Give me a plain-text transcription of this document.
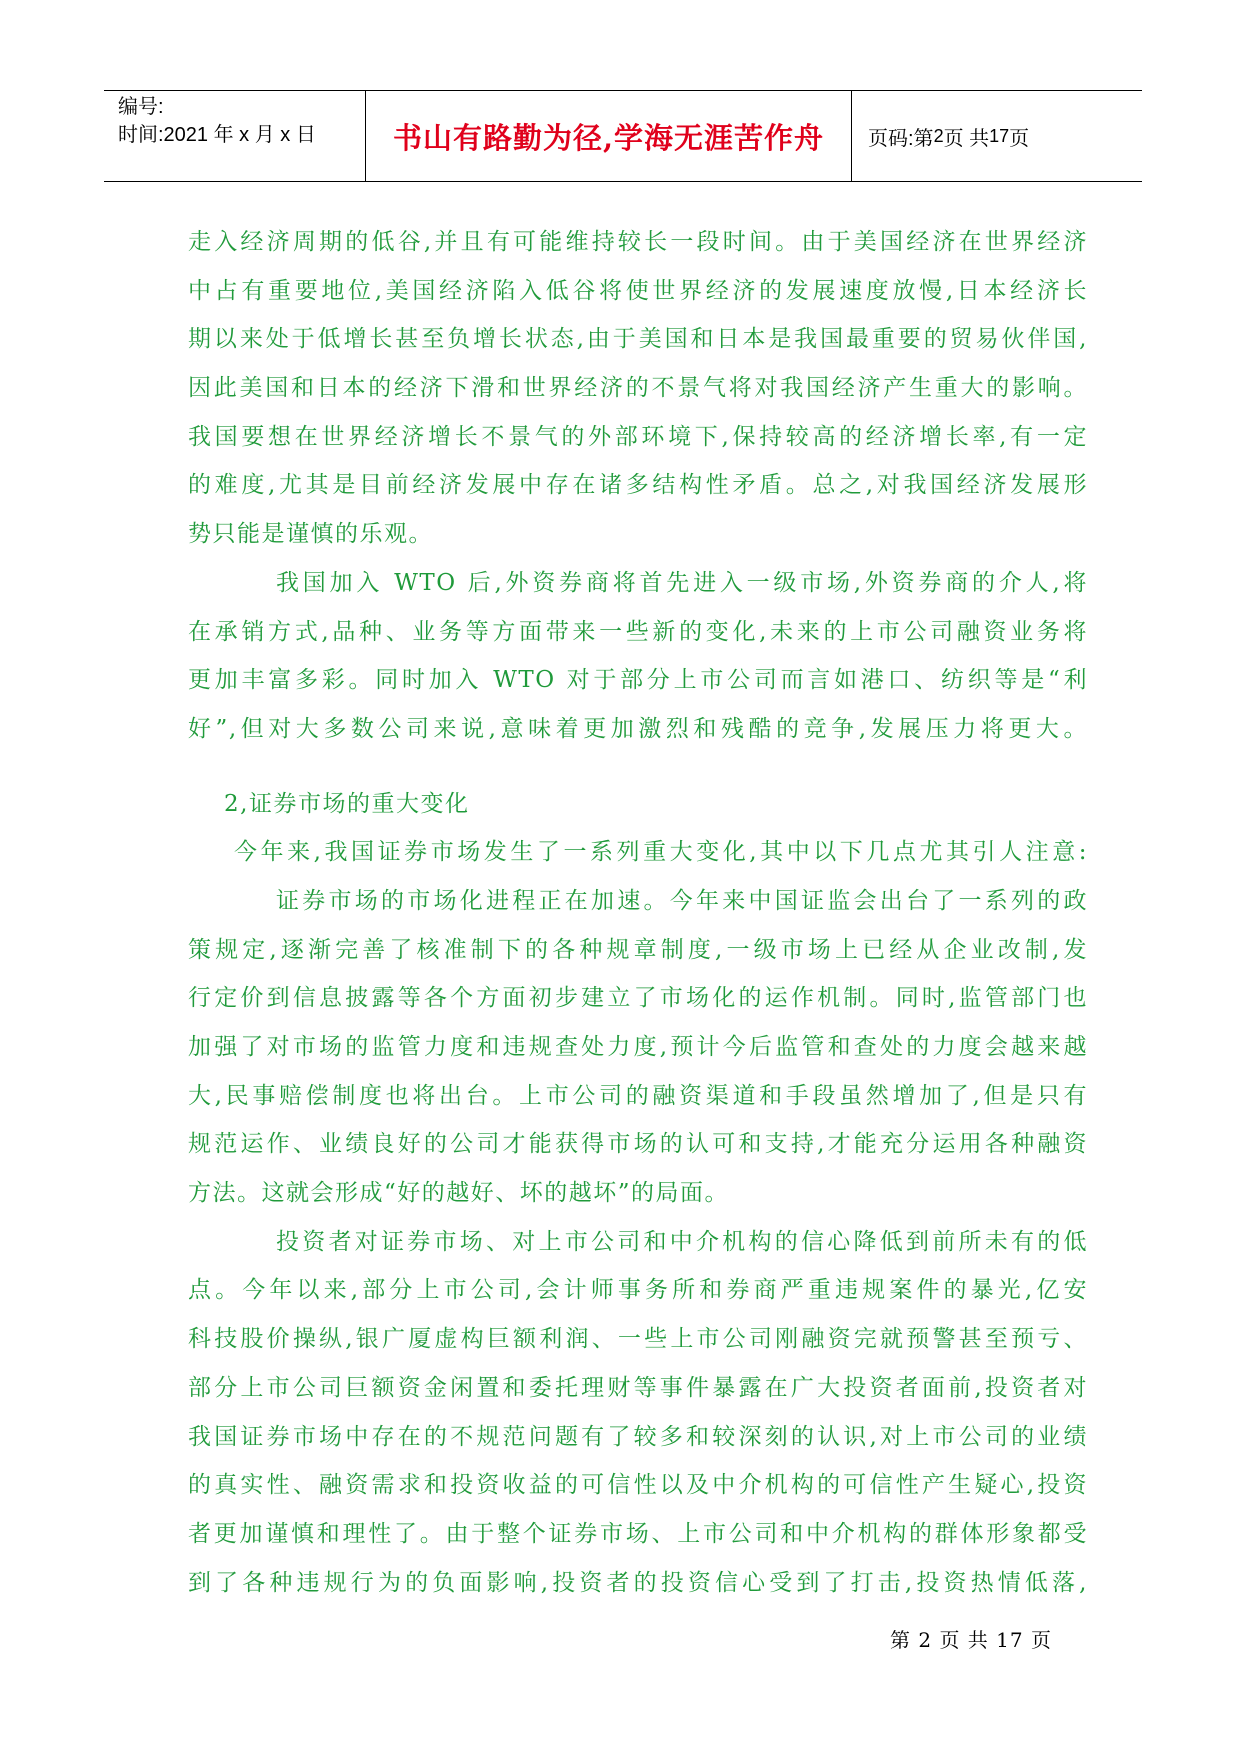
编号:
时间:2021 年 x 月 x 日	书山有路勤为径,学海无涯苦作舟 页码:第 2 页 共 17 页
走入经济周期的低谷,并且有可能维持较长一段时间。由于美国经济在世界经济
中占有重要地位,美国经济陷入低谷将使世界经济的发展速度放慢,日本经济长
期以来处于低增长甚至负增长状态,由于美国和日本是我国最重要的贸易伙伴国,
因此美国和日本的经济下滑和世界经济的不景气将对我国经济产生重大的影响。
我国要想在世界经济增长不景气的外部环境下,保持较高的经济增长率,有一定
的难度,尤其是目前经济发展中存在诸多结构性矛盾。总之,对我国经济发展形
势只能是谨慎的乐观。
我国加入 WTO 后,外资券商将首先进入一级市场,外资券商的介人,将
在承销方式,品种、业务等方面带来一些新的变化,未来的上市公司融资业务将
更加丰富多彩。同时加入 WTO 对于部分上市公司而言如港口、纺织等是“利
好”,但对大多数公司来说,意味着更加激烈和残酷的竞争,发展压力将更大。
2,证券市场的重大变化
今年来,我国证券市场发生了一系列重大变化,其中以下几点尤其引人注意:
证券市场的市场化进程正在加速。今年来中国证监会出台了一系列的政
策规定,逐渐完善了核准制下的各种规章制度,一级市场上已经从企业改制,发
行定价到信息披露等各个方面初步建立了市场化的运作机制。同时,监管部门也
加强了对市场的监管力度和违规查处力度,预计今后监管和查处的力度会越来越
大,民事赔偿制度也将出台。上市公司的融资渠道和手段虽然增加了,但是只有
规范运作、业绩良好的公司才能获得市场的认可和支持,才能充分运用各种融资
方法。这就会形成“好的越好、坏的越坏”的局面。
投资者对证券市场、对上市公司和中介机构的信心降低到前所未有的低
点。今年以来,部分上市公司,会计师事务所和券商严重违规案件的暴光,亿安
科技股价操纵,银广厦虚构巨额利润、一些上市公司刚融资完就预警甚至预亏、
部分上市公司巨额资金闲置和委托理财等事件暴露在广大投资者面前,投资者对
我国证券市场中存在的不规范问题有了较多和较深刻的认识,对上市公司的业绩
的真实性、融资需求和投资收益的可信性以及中介机构的可信性产生疑心,投资
者更加谨慎和理性了。由于整个证券市场、上市公司和中介机构的群体形象都受
到了各种违规行为的负面影响,投资者的投资信心受到了打击,投资热情低落,
第 2 页 共 17 页
